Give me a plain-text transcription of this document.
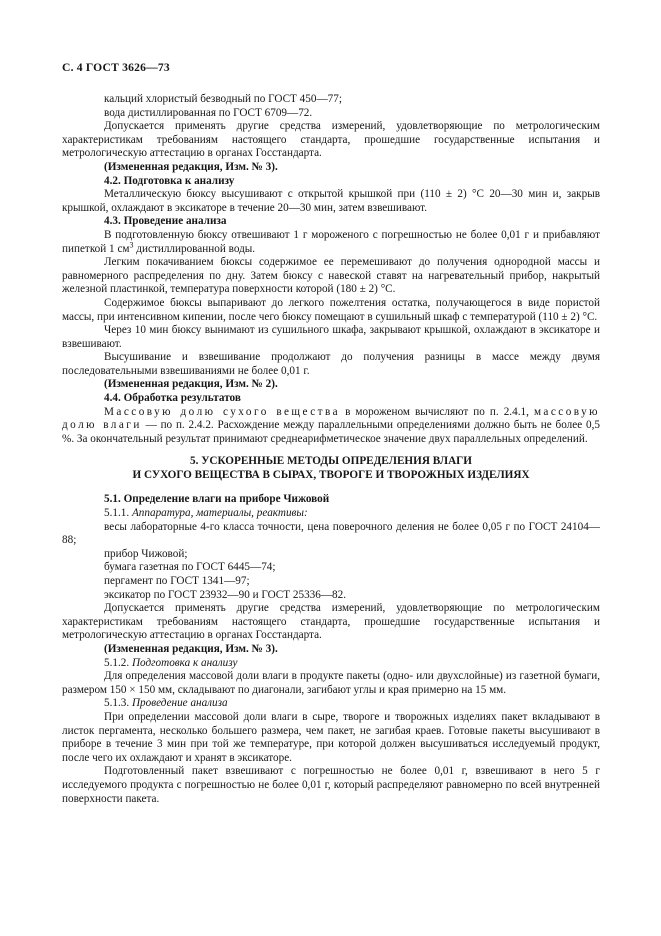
С. 4 ГОСТ 3626—73

кальций хлористый безводный по ГОСТ 450—77;

вода дистиллированная по ГОСТ 6709—72.

Допускается применять другие средства измерений, удовлетворяющие по метрологическим характеристикам требованиям настоящего стандарта, прошедшие государственные испытания и метрологическую аттестацию в органах Госстандарта.

(Измененная редакция, Изм. № 3).

4.2. Подготовка к анализу

Металлическую бюксу высушивают с открытой крышкой при (110 ± 2) °С 20—30 мин и, закрыв крышкой, охлаждают в эксикаторе в течение 20—30 мин, затем взвешивают.

4.3. Проведение анализа

В подготовленную бюксу отвешивают 1 г мороженого с погрешностью не более 0,01 г и прибавляют пипеткой 1 $см^3$ дистиллированной воды.

Легким покачиванием бюксы содержимое ее перемешивают до получения однородной массы и равномерного распределения по дну. Затем бюксу с навеской ставят на нагревательный прибор, накрытый железной пластинкой, температура поверхности которой (180 ± 2) °С.

Содержимое бюксы выпаривают до легкого пожелтения остатка, получающегося в виде пористой массы, при интенсивном кипении, после чего бюксу помещают в сушильный шкаф с температурой (110 ± 2) °С.

Через 10 мин бюксу вынимают из сушильного шкафа, закрывают крышкой, охлаждают в эксикаторе и взвешивают.

Высушивание и взвешивание продолжают до получения разницы в массе между двумя последовательными взвешиваниями не более 0,01 г.

(Измененная редакция, Изм. № 2).

4.4. Обработка результатов

Массовую долю сухого вещества в мороженом вычисляют по п. 2.4.1, массовую долю влаги — по п. 2.4.2. Расхождение между параллельными определениями должно быть не более 0,5 %. За окончательный результат принимают среднеарифметическое значение двух параллельных определений.

5. УСКОРЕННЫЕ МЕТОДЫ ОПРЕДЕЛЕНИЯ ВЛАГИ
И СУХОГО ВЕЩЕСТВА В СЫРАХ, ТВОРОГЕ И ТВОРОЖНЫХ ИЗДЕЛИЯХ

5.1. Определение влаги на приборе Чижовой

5.1.1. Аппаратура, материалы, реактивы:

весы лабораторные 4-го класса точности, цена поверочного деления не более 0,05 г по ГОСТ 24104—88;

прибор Чижовой;

бумага газетная по ГОСТ 6445—74;

пергамент по ГОСТ 1341—97;

эксикатор по ГОСТ 23932—90 и ГОСТ 25336—82.

Допускается применять другие средства измерений, удовлетворяющие по метрологическим характеристикам требованиям настоящего стандарта, прошедшие государственные испытания и метрологическую аттестацию в органах Госстандарта.

(Измененная редакция, Изм. № 3).

5.1.2. Подготовка к анализу

Для определения массовой доли влаги в продукте пакеты (одно- или двухслойные) из газетной бумаги, размером 150 × 150 мм, складывают по диагонали, загибают углы и края примерно на 15 мм.

5.1.3. Проведение анализа

При определении массовой доли влаги в сыре, твороге и творожных изделиях пакет вкладывают в листок пергамента, несколько большего размера, чем пакет, не загибая краев. Готовые пакеты высушивают в приборе в течение 3 мин при той же температуре, при которой должен высушиваться исследуемый продукт, после чего их охлаждают и хранят в эксикаторе.

Подготовленный пакет взвешивают с погрешностью не более 0,01 г, взвешивают в него 5 г исследуемого продукта с погрешностью не более 0,01 г, который распределяют равномерно по всей внутренней поверхности пакета.
